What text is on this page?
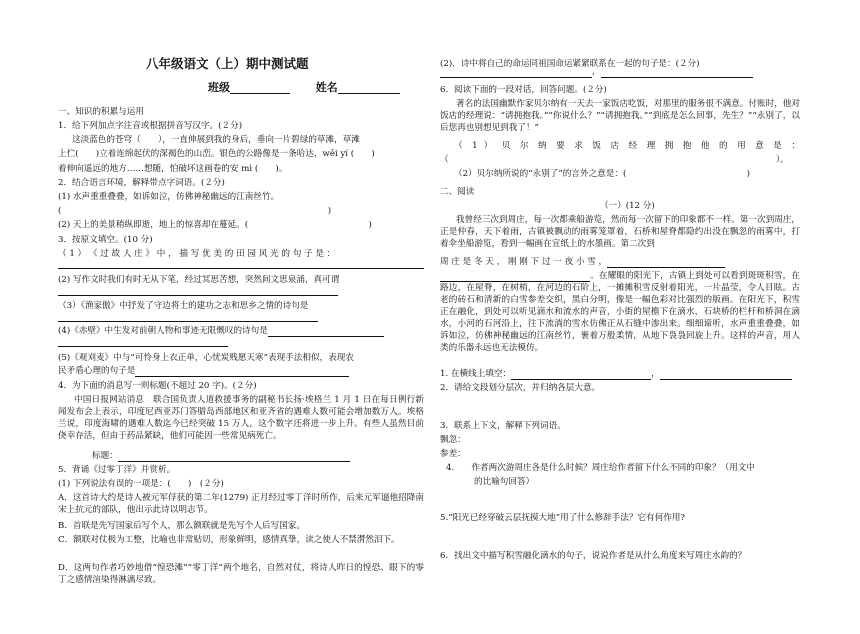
八年级语文（上）期中测试题
班级	姓名
一、知识的积累与运用
1．给下列加点字注音或根据拼音写汉字。(２分)
这淡蓝色的苍穹（　　），一直伸展到我的身后，垂向一片碧绿的草滩，草滩
上伫(　　)立着连绵起伏的深褐色的山峦。银色的公路像是一条哈达，wēi yí (　　)
着伸向遥远的地方……想随，怕破坏这画卷的安 mì (　　)。
2．结合语言环境，解释带点字词语。(２分)
(1) 水声重重叠叠，如诉如泣，仿佛神秘幽远的江南丝竹。
(　　　　　　　　　　　　　　　　　　　　　　　　　　　　　　　)
(2) 天上的美景稍纵即逝，地上的惊喜却在蔓延。(　　　　　　　　　　　　　　)
3．按原文填空。(10 分)
（ 1 ） 《 过 故 人 庄 》 中 ， 描 写 优 美 的 田 园 风 光 的 句 子 是 ：
(2) 写作文时我们有时无从下笔，经过冥思苦想，突然间文思泉涌，真可谓
（3）《渔家傲》中抒发了守边将士的建功之志和思乡之情的诗句是
(4)《赤壁》中生发对前朝人物和事迹无限慨叹的诗句是
(5)《观刈麦》中与“可怜身上衣正单，心忧炭贱愿天寒”表现手法相似，表现农
民矛盾心理的句子是
4．为下面的消息写一则标题(不超过 20 字)。(２分)
中国日报网站消息　联合国负责人道救援事务的副秘书长扬·埃格兰 1 月 1 日在每日例行新闻发布会上表示，印度尼西亚苏门答腊岛西部地区和亚齐省的遇难人数可能会增加数万人。埃格兰说，印度海啸的遇难人数迄今已经突破 15 万人，这个数字还将进一步上升。有些人虽然目前侥幸存活，但由于药品紧缺，他们可能因一些常见病死亡。
标题：
5．背诵《过零丁洋》并赏析。
(1) 下列说法有误的一项是：(　　)　(２分)
A．这首诗大约是诗人被元军俘获的第二年(1279) 正月经过零丁洋时所作，后来元军逼他招降南宋上抗元的部队，他出示此诗以明志节。
B．首联是先写国家后写个人，那么额联就是先写个人后写国家。
C．额联对仗极为工整，比喻也非常贴切，形象鲜明，感情真挚，读之使人不禁潸然泪下。
D．这两句作者巧妙地借“惶恐滩”“零丁洋”两个地名，自然对仗，将诗人昨日的惶恐、眼下的零丁之感情渲染得淋漓尽致。
(2)．诗中将自己的命运同祖国命运紧紧联系在一起的句子是：(２分)
，
6．阅读下面的一段对话，回答问题。(２分)
著名的法国幽默作家贝尔纳有一天去一家饭店吃饭，对那里的服务很不满意。付账时，他对饭店的经理说：“请拥抱我。”“你说什么？”“请拥抱我。”“到底是怎么回事，先生？”“永别了，以后您再也别想见到我了！”
（ 1 ） 贝 尔 纳 要 求 饭 店 经 理 拥 抱 他 的 用 意 是 ：
（	）。
（2）贝尔纳所说的“永别了”的言外之意是：(　　　　　　　　　　　　　　)
二、阅读
（一）(12 分)
我曾经三次到周庄，每一次都乘船游览，然而每一次留下的印象都不一样。第一次到周庄，正是仲春，天下着雨，古镇被飘动的雨雾笼罩着，石桥和屋脊都隐约出没在飘忽的雨雾中，打着伞坐船游览，看到一幅画在宣纸上的水墨画。第二次到
周 庄 是 冬 天 ， 刚 刚 下 过 一 夜 小 雪 ，
。在耀眼的阳光下，古镇上到处可以看到斑斑积雪，在路边，在屋脊，在树梢，在河边的石阶上，一摊摊积雪反射着阳光，一片晶莹，令人目眩。古老的砖石和清新的白雪参差交织，黑白分明，像是一幅色彩对比强烈的版画。在阳光下，积雪正在融化，到处可以听见滴水和流水的声音，小街的屋檐下在滴水，石块桥的栏杆和桥洞在滴水，小河的石河沿上，往下流淌的雪水仿佛正从石缝中渗出来。细细谛听，水声重重叠叠，如诉如泣，仿佛神秘幽远的江南丝竹，裹着万般柔情，从地下袅袅回旋上升。这样的声音，用人类的乐器永远也无法模仿。
1. 在横线上填空：	，
2．请给文段划分层次，并归纳各层大意。
3．联系上下文，解释下列词语。
飘忽：
参差：
4.　　作者两次游周庄各是什么时候？周庄给作者留下什么不同的印象？（用文中
的比喻句回答）
5.“阳光已经穿破云层抚摸大地”用了什么修辞手法？它有何作用?
6．找出文中描写积雪融化滴水的句子，说说作者是从什么角度来写周庄水韵的？
